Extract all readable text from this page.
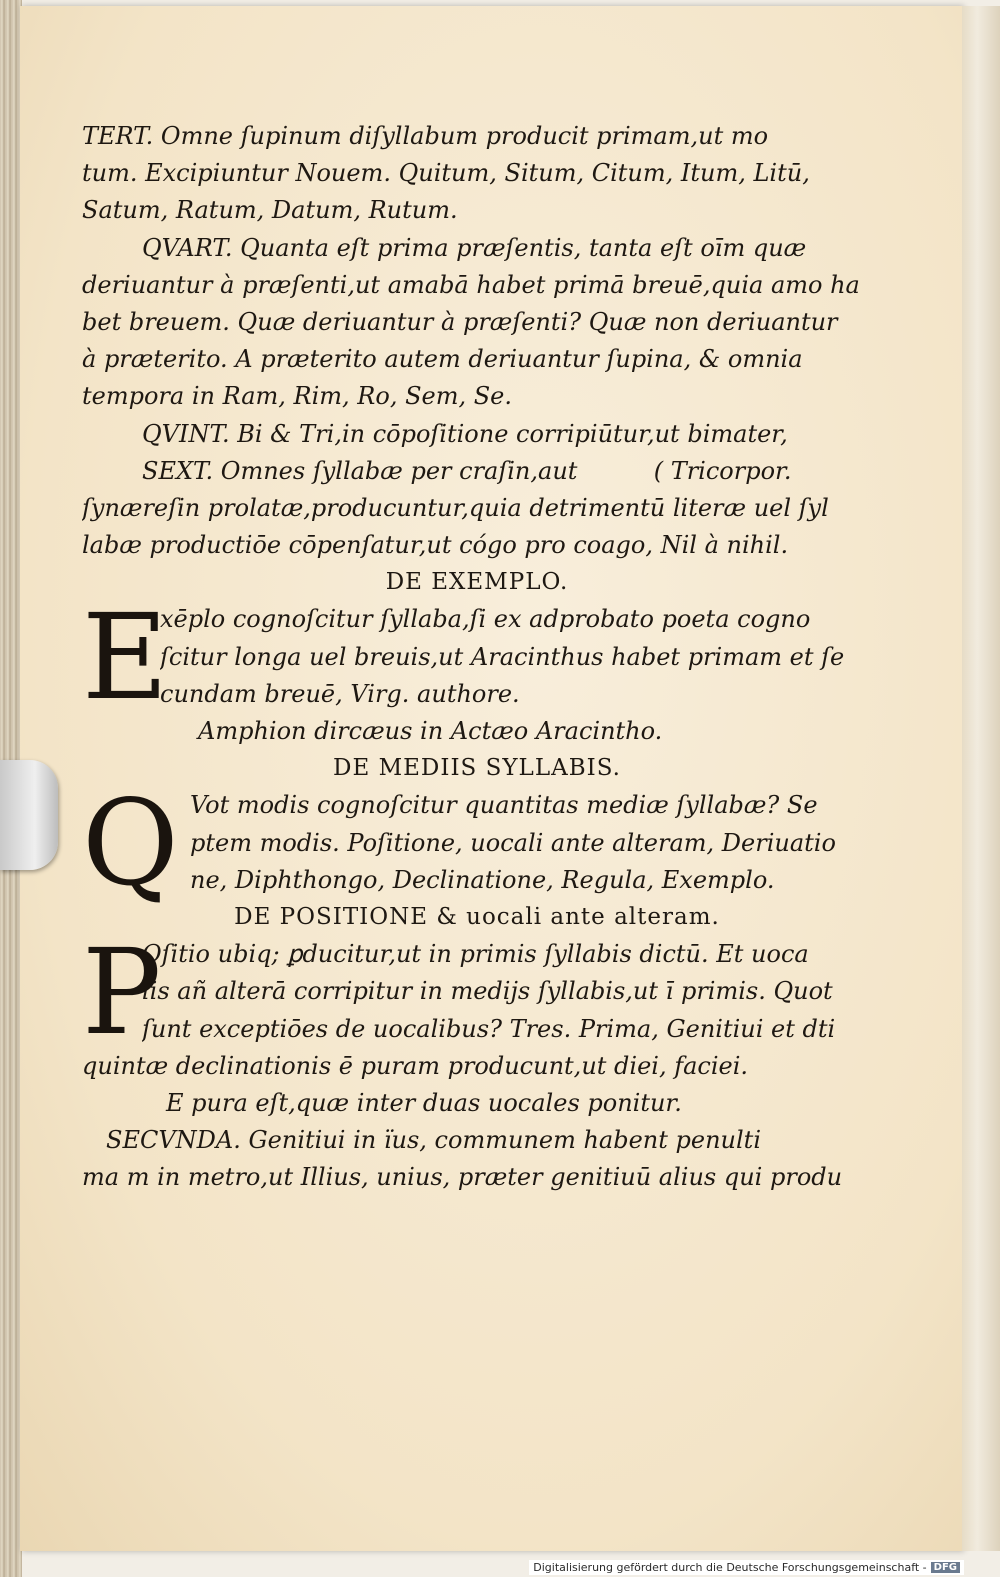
TERT. Omne ſupinum diſyllabum producit primam,ut mo
tum. Excipiuntur Nouem. Quitum, Situm, Citum, Itum, Litū,
Satum, Ratum, Datum, Rutum.
QVART. Quanta eſt prima præſentis, tanta eſt oīm quæ
deriuantur à præſenti,ut amabā habet primā breuē,quia amo ha
bet breuem. Quæ deriuantur à præſenti? Quæ non deriuantur
à præterito. A præterito autem deriuantur ſupina, & omnia
tempora in Ram, Rim, Ro, Sem, Se.
QVINT. Bi & Tri,in cōpoſitione corripiūtur,ut bimater,
SEXT. Omnes ſyllabæ per craſin,aut          ( Tricorpor.
ſynæreſin prolatæ,producuntur,quia detrimentū literæ uel ſyl
labæ productiōe cōpenſatur,ut cógo pro coago, Nil à nihil.
DE EXEMPLO.
E
xēplo cognoſcitur ſyllaba,ſi ex adprobato poeta cogno
ſcitur longa uel breuis,ut Aracinthus habet primam et ſe
cundam breuē, Virg. authore.
Amphion dircæus in Actæo Aracintho.
DE MEDIIS SYLLABIS.
Q Vot modis cognoſcitur quantitas mediæ ſyllabæ? Se
ptem modis. Poſitione, uocali ante alteram, Deriuatio
ne, Diphthongo, Declinatione, Regula, Exemplo.
DE POSITIONE & uocali ante alteram.
P
Oſitio ubiq; ꝑducitur,ut in primis ſyllabis dictū. Et uoca
lis añ alterā corripitur in medijs ſyllabis,ut ī primis. Quot
ſunt exceptiōes de uocalibus? Tres. Prima, Genitiui et dti
quintæ declinationis ē puram producunt,ut diei, faciei.
E pura eſt,quæ inter duas uocales ponitur.
SECVNDA. Genitiui in ïus, communem habent penulti
ma m in metro,ut Illius, unius, præter genitiuū alius qui produ
Digitalisierung gefördert durch die Deutsche Forschungsgemeinschaft - DFG
